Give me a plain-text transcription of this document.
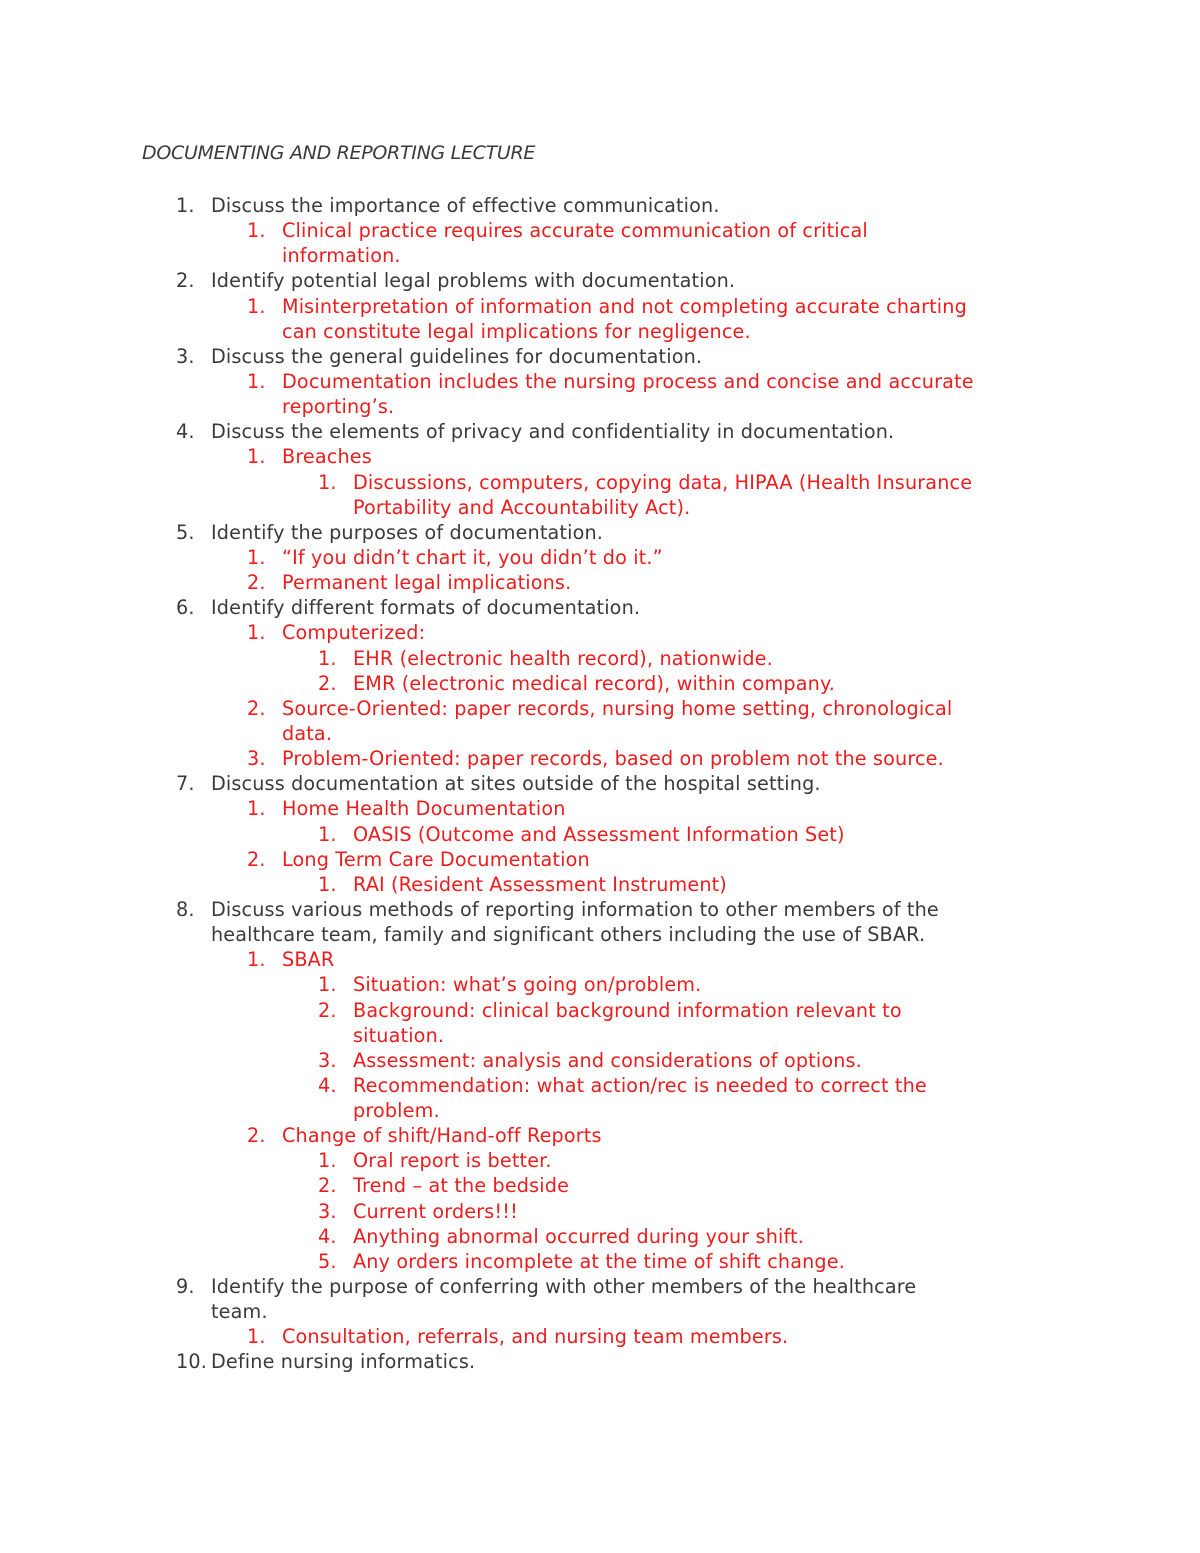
DOCUMENTING AND REPORTING LECTURE
1. Discuss the importance of effective communication.
1. Clinical practice requires accurate communication of critical
information.
2. Identify potential legal problems with documentation.
1. Misinterpretation of information and not completing accurate charting
can constitute legal implications for negligence.
3. Discuss the general guidelines for documentation.
1. Documentation includes the nursing process and concise and accurate
reporting’s.
4. Discuss the elements of privacy and confidentiality in documentation.
1. Breaches
1. Discussions, computers, copying data, HIPAA (Health Insurance
Portability and Accountability Act).
5. Identify the purposes of documentation.
1. “If you didn’t chart it, you didn’t do it.”
2. Permanent legal implications.
6. Identify different formats of documentation.
1. Computerized:
1. EHR (electronic health record), nationwide.
2. EMR (electronic medical record), within company.
2. Source-Oriented: paper records, nursing home setting, chronological
data.
3. Problem-Oriented: paper records, based on problem not the source.
7. Discuss documentation at sites outside of the hospital setting.
1. Home Health Documentation
1. OASIS (Outcome and Assessment Information Set)
2. Long Term Care Documentation
1. RAI (Resident Assessment Instrument)
8. Discuss various methods of reporting information to other members of the
healthcare team, family and significant others including the use of SBAR.
1. SBAR
1. Situation: what’s going on/problem.
2. Background: clinical background information relevant to
situation.
3. Assessment: analysis and considerations of options.
4. Recommendation: what action/rec is needed to correct the
problem.
2. Change of shift/Hand-off Reports
1. Oral report is better.
2. Trend – at the bedside
3. Current orders!!!
4. Anything abnormal occurred during your shift.
5. Any orders incomplete at the time of shift change.
9. Identify the purpose of conferring with other members of the healthcare
team.
1. Consultation, referrals, and nursing team members.
10. Define nursing informatics.
